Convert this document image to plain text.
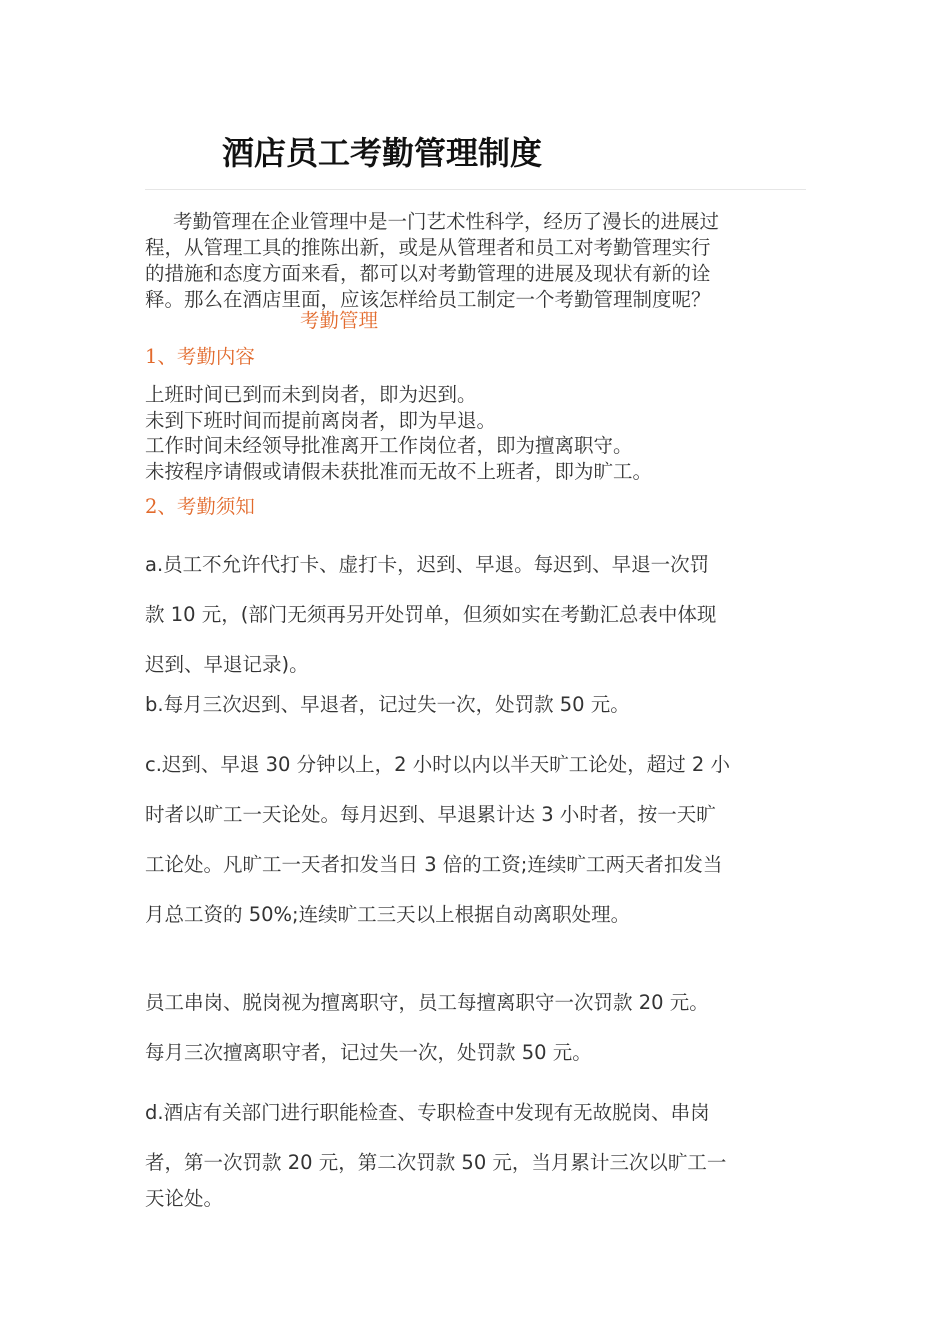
酒店员工考勤管理制度
考勤管理在企业管理中是一门艺术性科学，经历了漫长的进展过
程，从管理工具的推陈出新，或是从管理者和员工对考勤管理实行
的措施和态度方面来看，都可以对考勤管理的进展及现状有新的诠
释。那么在酒店里面，应该怎样给员工制定一个考勤管理制度呢？
考勤管理
1、考勤内容
上班时间已到而未到岗者，即为迟到。
未到下班时间而提前离岗者，即为早退。
工作时间未经领导批准离开工作岗位者，即为擅离职守。
未按程序请假或请假未获批准而无故不上班者，即为旷工。
2、考勤须知
a.员工不允许代打卡、虚打卡，迟到、早退。每迟到、早退一次罚
款 10 元，(部门无须再另开处罚单，但须如实在考勤汇总表中体现
迟到、早退记录)。
b.每月三次迟到、早退者，记过失一次，处罚款 50 元。
c.迟到、早退 30 分钟以上，2 小时以内以半天旷工论处，超过 2 小
时者以旷工一天论处。每月迟到、早退累计达 3 小时者，按一天旷
工论处。凡旷工一天者扣发当日 3 倍的工资;连续旷工两天者扣发当
月总工资的 50%;连续旷工三天以上根据自动离职处理。
员工串岗、脱岗视为擅离职守，员工每擅离职守一次罚款 20 元。
每月三次擅离职守者，记过失一次，处罚款 50 元。
d.酒店有关部门进行职能检查、专职检查中发现有无故脱岗、串岗
者，第一次罚款 20 元，第二次罚款 50 元，当月累计三次以旷工一
天论处。
